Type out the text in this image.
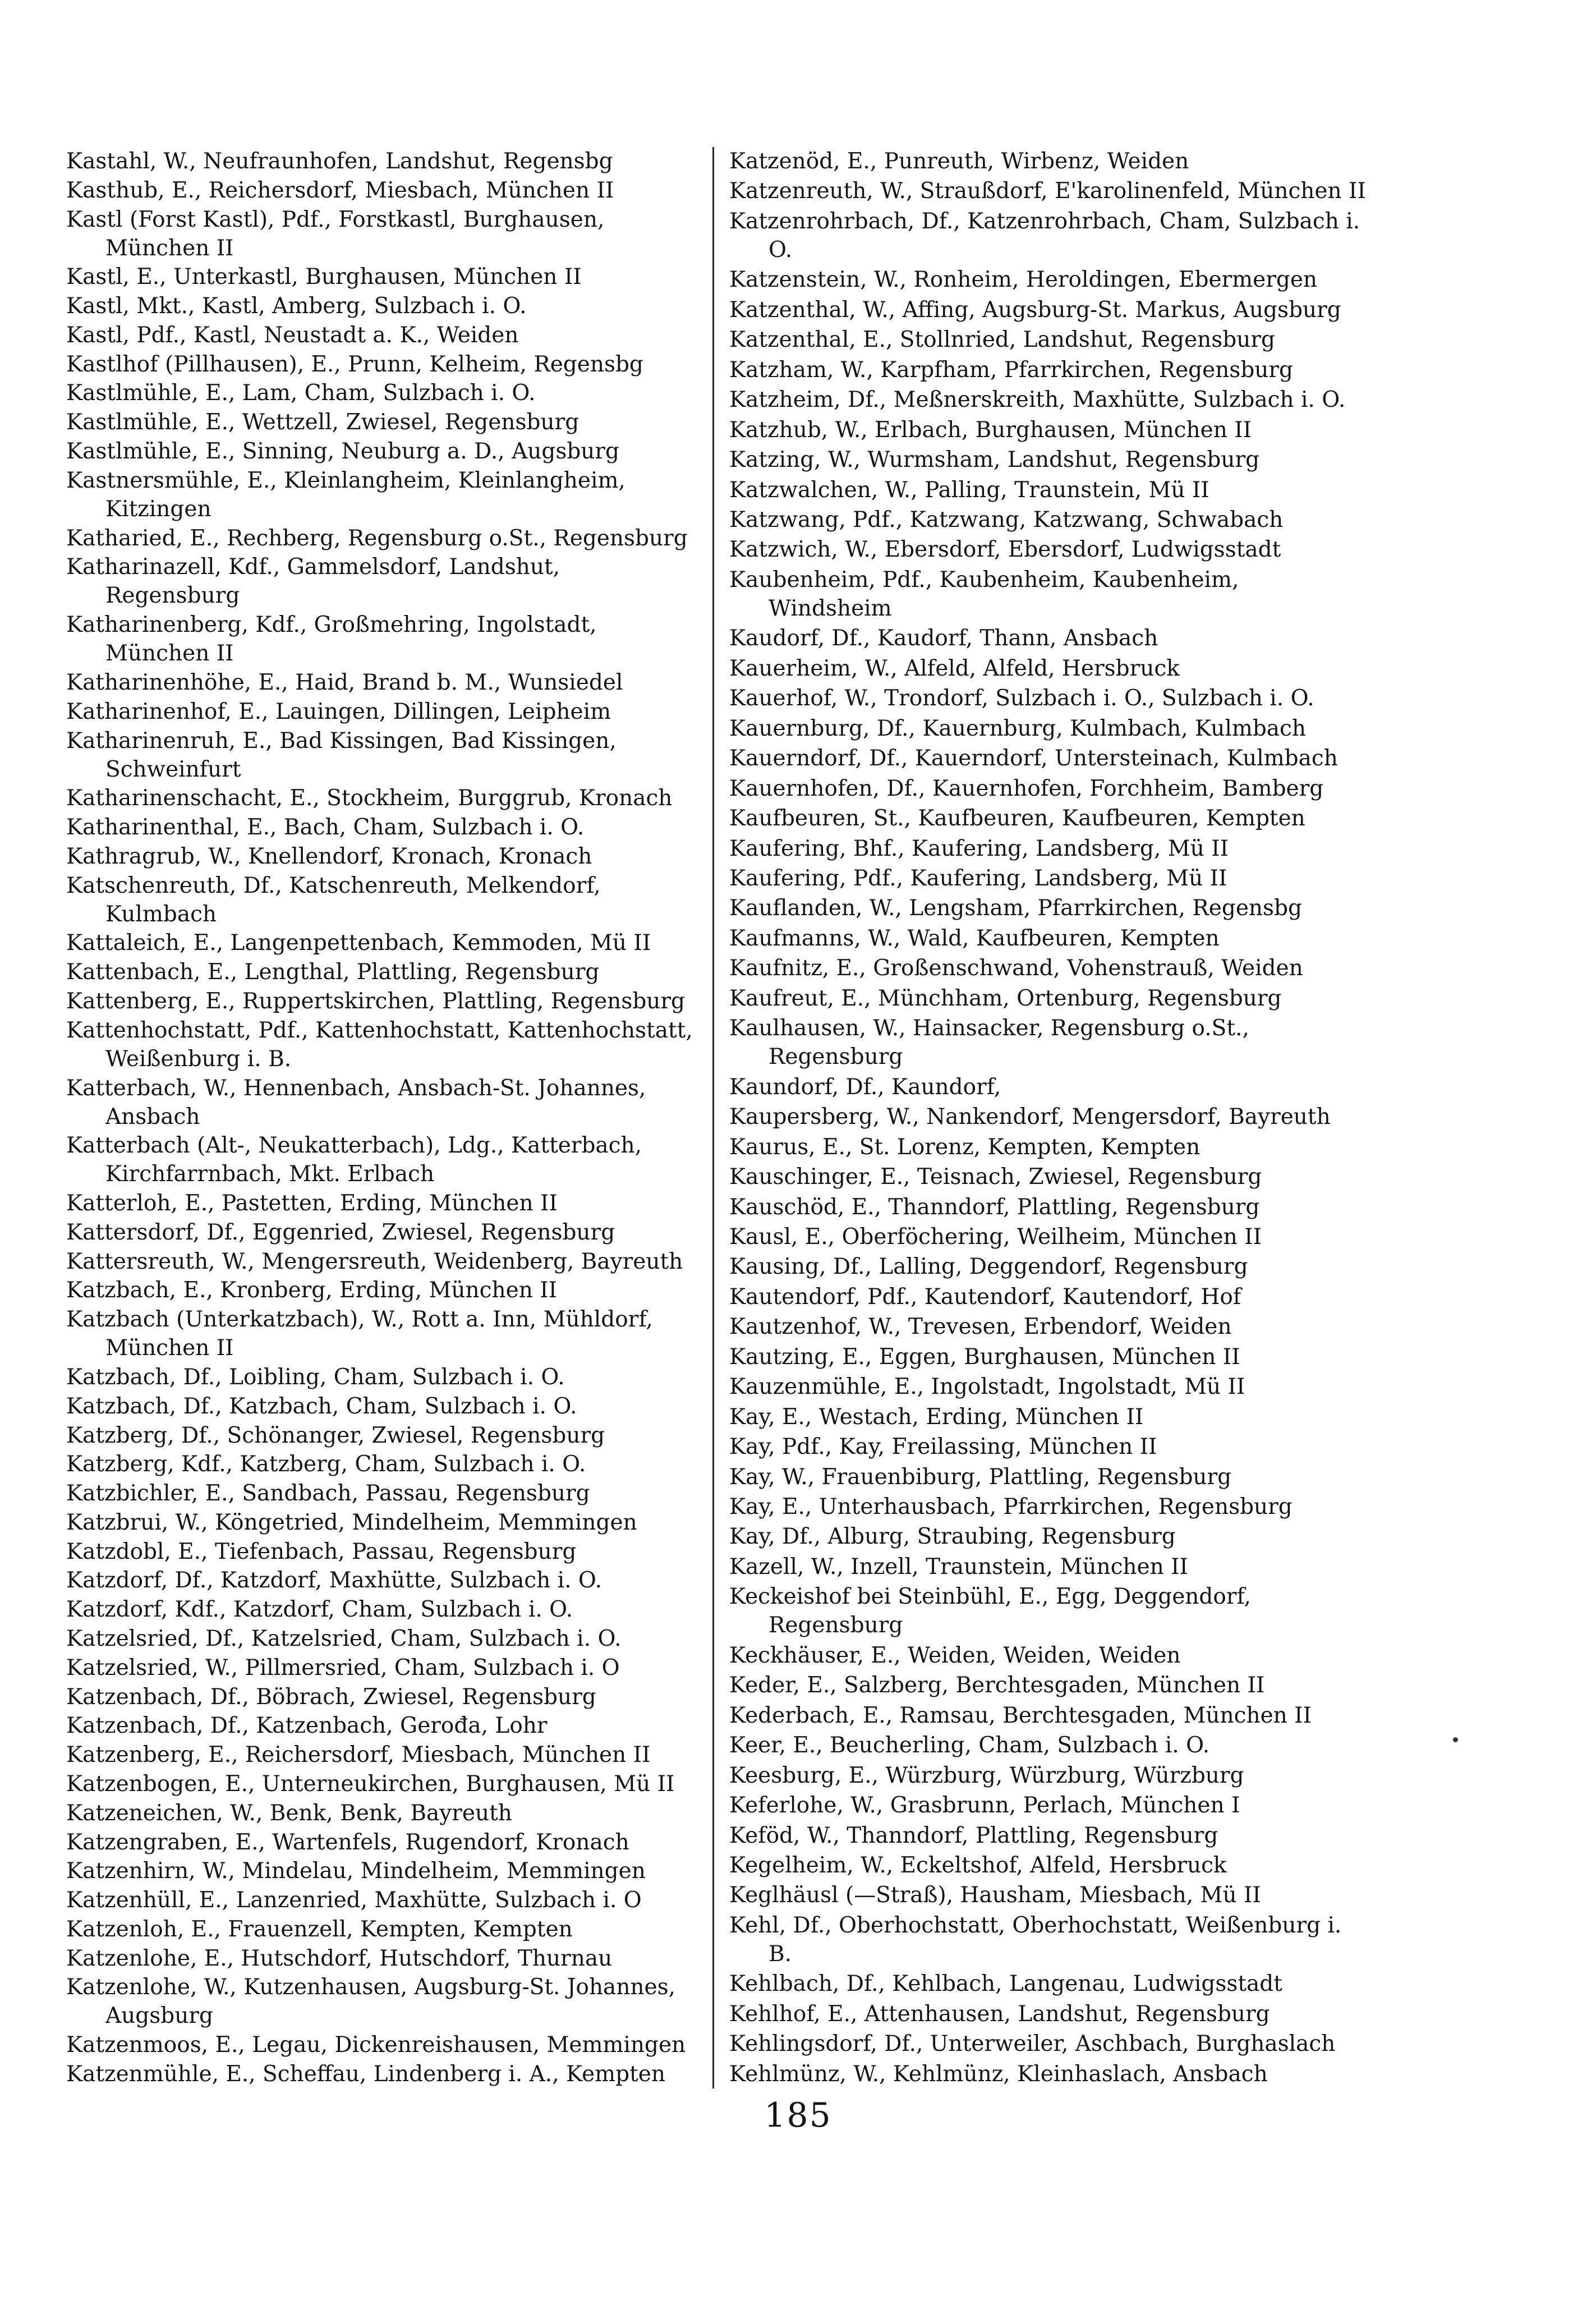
Kastahl, W., Neufraunhofen, Landshut, Regensbg
Kasthub, E., Reichersdorf, Miesbach, München II
Kastl (Forst Kastl), Pdf., Forstkastl, Burghausen, München II
Kastl, E., Unterkastl, Burghausen, München II
Kastl, Mkt., Kastl, Amberg, Sulzbach i. O.
Kastl, Pdf., Kastl, Neustadt a. K., Weiden
Kastlhof (Pillhausen), E., Prunn, Kelheim, Regensbg
Kastlmühle, E., Lam, Cham, Sulzbach i. O.
Kastlmühle, E., Wettzell, Zwiesel, Regensburg
Kastlmühle, E., Sinning, Neuburg a. D., Augsburg
Kastnersmühle, E., Kleinlangheim, Kleinlangheim, Kitzingen
Katharied, E., Rechberg, Regensburg o.St., Regensburg
Katharinazell, Kdf., Gammelsdorf, Landshut, Regensburg
Katharinenberg, Kdf., Großmehring, Ingolstadt, München II
Katharinenhöhe, E., Haid, Brand b. M., Wunsiedel
Katharinenhof, E., Lauingen, Dillingen, Leipheim
Katharinenruh, E., Bad Kissingen, Bad Kissingen, Schweinfurt
Katharinenschacht, E., Stockheim, Burggrub, Kronach
Katharinenthal, E., Bach, Cham, Sulzbach i. O.
Kathragrub, W., Knellendorf, Kronach, Kronach
Katschenreuth, Df., Katschenreuth, Melkendorf, Kulmbach
Kattaleich, E., Langenpettenbach, Kemmoden, Mü II
Kattenbach, E., Lengthal, Plattling, Regensburg
Kattenberg, E., Ruppertskirchen, Plattling, Regensburg
Kattenhochstatt, Pdf., Kattenhochstatt, Kattenhochstatt, Weißenburg i. B.
Katterbach, W., Hennenbach, Ansbach-St. Johannes, Ansbach
Katterbach (Alt-, Neukatterbach), Ldg., Katterbach, Kirchfarrnbach, Mkt. Erlbach
Katterloh, E., Pastetten, Erding, München II
Kattersdorf, Df., Eggenried, Zwiesel, Regensburg
Kattersreuth, W., Mengersreuth, Weidenberg, Bayreuth
Katzbach, E., Kronberg, Erding, München II
Katzbach (Unterkatzbach), W., Rott a. Inn, Mühldorf, München II
Katzbach, Df., Loibling, Cham, Sulzbach i. O.
Katzbach, Df., Katzbach, Cham, Sulzbach i. O.
Katzberg, Df., Schönanger, Zwiesel, Regensburg
Katzberg, Kdf., Katzberg, Cham, Sulzbach i. O.
Katzbichler, E., Sandbach, Passau, Regensburg
Katzbrui, W., Köngetried, Mindelheim, Memmingen
Katzdobl, E., Tiefenbach, Passau, Regensburg
Katzdorf, Df., Katzdorf, Maxhütte, Sulzbach i. O.
Katzdorf, Kdf., Katzdorf, Cham, Sulzbach i. O.
Katzelsried, Df., Katzelsried, Cham, Sulzbach i. O.
Katzelsried, W., Pillmersried, Cham, Sulzbach i. O
Katzenbach, Df., Böbrach, Zwiesel, Regensburg
Katzenbach, Df., Katzenbach, Gerođa, Lohr
Katzenberg, E., Reichersdorf, Miesbach, München II
Katzenbogen, E., Unterneukirchen, Burghausen, Mü II
Katzeneichen, W., Benk, Benk, Bayreuth
Katzengraben, E., Wartenfels, Rugendorf, Kronach
Katzenhirn, W., Mindelau, Mindelheim, Memmingen
Katzenhüll, E., Lanzenried, Maxhütte, Sulzbach i. O
Katzenloh, E., Frauenzell, Kempten, Kempten
Katzenlohe, E., Hutschdorf, Hutschdorf, Thurnau
Katzenlohe, W., Kutzenhausen, Augsburg-St. Johannes, Augsburg
Katzenmoos, E., Legau, Dickenreishausen, Memmingen
Katzenmühle, E., Scheffau, Lindenberg i. A., Kempten
Katzenöd, E., Punreuth, Wirbenz, Weiden
Katzenreuth, W., Straußdorf, E'karolinenfeld, München II
Katzenrohrbach, Df., Katzenrohrbach, Cham, Sulzbach i. O.
Katzenstein, W., Ronheim, Heroldingen, Ebermergen
Katzenthal, W., Affing, Augsburg-St. Markus, Augsburg
Katzenthal, E., Stollnried, Landshut, Regensburg
Katzham, W., Karpfham, Pfarrkirchen, Regensburg
Katzheim, Df., Meßnerskreith, Maxhütte, Sulzbach i. O.
Katzhub, W., Erlbach, Burghausen, München II
Katzing, W., Wurmsham, Landshut, Regensburg
Katzwalchen, W., Palling, Traunstein, Mü II
Katzwang, Pdf., Katzwang, Katzwang, Schwabach
Katzwich, W., Ebersdorf, Ebersdorf, Ludwigsstadt
Kaubenheim, Pdf., Kaubenheim, Kaubenheim, Windsheim
Kaudorf, Df., Kaudorf, Thann, Ansbach
Kauerheim, W., Alfeld, Alfeld, Hersbruck
Kauerhof, W., Trondorf, Sulzbach i. O., Sulzbach i. O.
Kauernburg, Df., Kauernburg, Kulmbach, Kulmbach
Kauerndorf, Df., Kauerndorf, Untersteinach, Kulmbach
Kauernhofen, Df., Kauernhofen, Forchheim, Bamberg
Kaufbeuren, St., Kaufbeuren, Kaufbeuren, Kempten
Kaufering, Bhf., Kaufering, Landsberg, Mü II
Kaufering, Pdf., Kaufering, Landsberg, Mü II
Kauflanden, W., Lengsham, Pfarrkirchen, Regensbg
Kaufmanns, W., Wald, Kaufbeuren, Kempten
Kaufnitz, E., Großenschwand, Vohenstrauß, Weiden
Kaufreut, E., Münchham, Ortenburg, Regensburg
Kaulhausen, W., Hainsacker, Regensburg o.St., Regensburg
Kaundorf, Df., Kaundorf,
Kaupersberg, W., Nankendorf, Mengersdorf, Bayreuth
Kaurus, E., St. Lorenz, Kempten, Kempten
Kauschinger, E., Teisnach, Zwiesel, Regensburg
Kauschöd, E., Thanndorf, Plattling, Regensburg
Kausl, E., Oberföchering, Weilheim, München II
Kausing, Df., Lalling, Deggendorf, Regensburg
Kautendorf, Pdf., Kautendorf, Kautendorf, Hof
Kautzenhof, W., Trevesen, Erbendorf, Weiden
Kautzing, E., Eggen, Burghausen, München II
Kauzenmühle, E., Ingolstadt, Ingolstadt, Mü II
Kay, E., Westach, Erding, München II
Kay, Pdf., Kay, Freilassing, München II
Kay, W., Frauenbiburg, Plattling, Regensburg
Kay, E., Unterhausbach, Pfarrkirchen, Regensburg
Kay, Df., Alburg, Straubing, Regensburg
Kazell, W., Inzell, Traunstein, München II
Keckeishof bei Steinbühl, E., Egg, Deggendorf, Regensburg
Keckhäuser, E., Weiden, Weiden, Weiden
Keder, E., Salzberg, Berchtesgaden, München II
Kederbach, E., Ramsau, Berchtesgaden, München II
Keer, E., Beucherling, Cham, Sulzbach i. O.
Keesburg, E., Würzburg, Würzburg, Würzburg
Keferlohe, W., Grasbrunn, Perlach, München I
Keföd, W., Thanndorf, Plattling, Regensburg
Kegelheim, W., Eckeltshof, Alfeld, Hersbruck
Keglhäusl (—Straß), Hausham, Miesbach, Mü II
Kehl, Df., Oberhochstatt, Oberhochstatt, Weißenburg i. B.
Kehlbach, Df., Kehlbach, Langenau, Ludwigsstadt
Kehlhof, E., Attenhausen, Landshut, Regensburg
Kehlingsdorf, Df., Unterweiler, Aschbach, Burghaslach
Kehlmünz, W., Kehlmünz, Kleinhaslach, Ansbach
185
